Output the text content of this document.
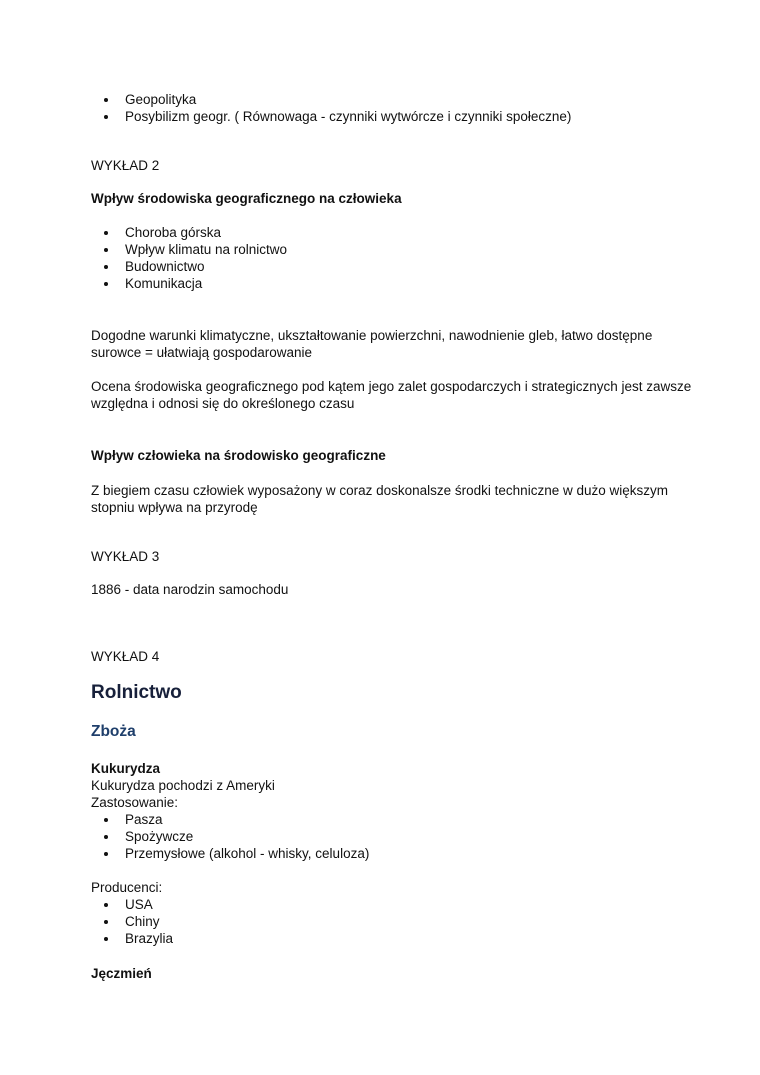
Geopolityka
Posybilizm geogr. ( Równowaga - czynniki wytwórcze i czynniki społeczne)
WYKŁAD 2
Wpływ środowiska geograficznego na człowieka
Choroba górska
Wpływ klimatu na rolnictwo
Budownictwo
Komunikacja
Dogodne warunki klimatyczne, ukształtowanie powierzchni, nawodnienie gleb, łatwo dostępne
surowce = ułatwiają gospodarowanie
Ocena środowiska geograficznego pod kątem jego zalet gospodarczych i strategicznych jest zawsze
względna i odnosi się do określonego czasu
Wpływ człowieka na środowisko geograficzne
Z biegiem czasu człowiek wyposażony w coraz doskonalsze środki techniczne w dużo większym
stopniu wpływa na przyrodę
WYKŁAD 3
1886 - data narodzin samochodu
WYKŁAD 4
Rolnictwo
Zboża
Kukurydza
Kukurydza pochodzi z Ameryki
Zastosowanie:
Pasza
Spożywcze
Przemysłowe (alkohol - whisky, celuloza)
Producenci:
USA
Chiny
Brazylia
Jęczmień
